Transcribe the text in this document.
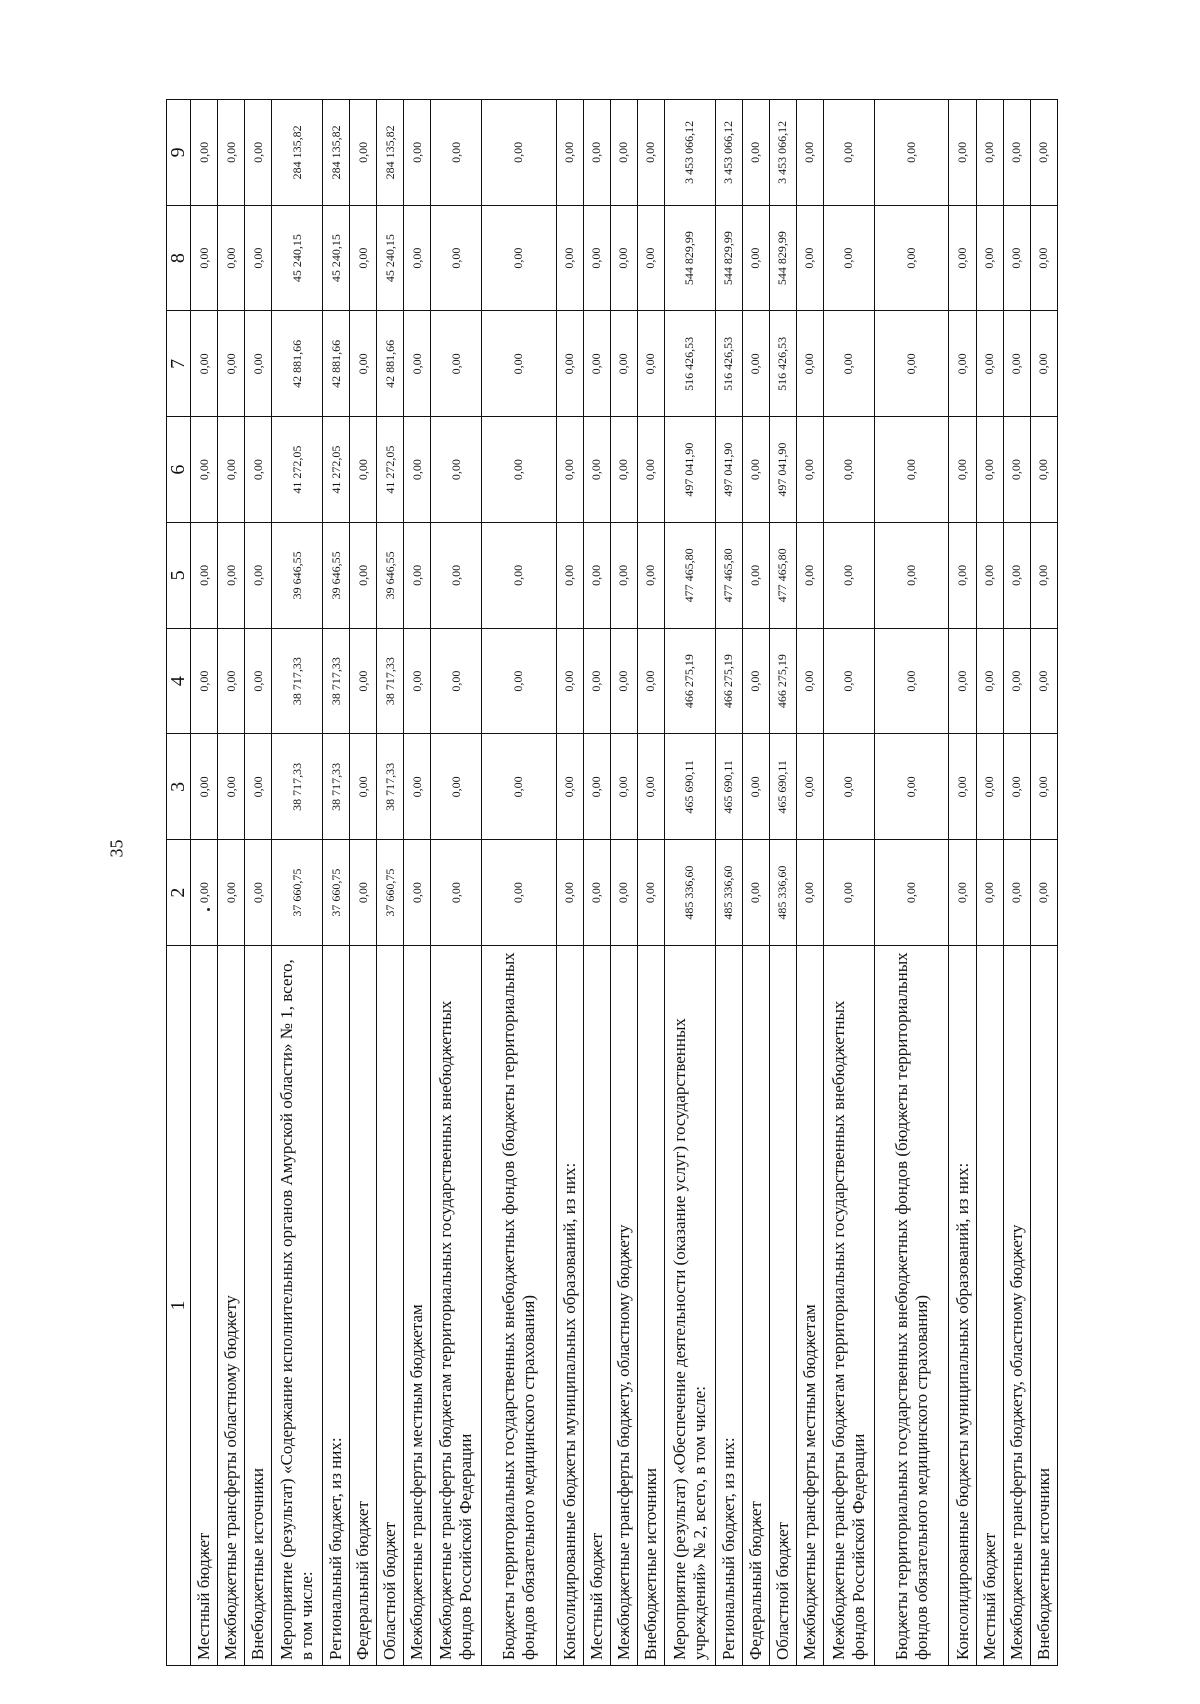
35
1	2	3	4	5	6	7	8	9
Местный бюджет	0,00	0,00	0,00	0,00	0,00	0,00	0,00	0,00
Межбюджетные трансферты областному бюджету	0,00	0,00	0,00	0,00	0,00	0,00	0,00	0,00
Внебюджетные источники	0,00	0,00	0,00	0,00	0,00	0,00	0,00	0,00
Мероприятие (результат) «Содержание исполнительных органов Амурской области» № 1, всего, в том числе:	37 660,75	38 717,33	38 717,33	39 646,55	41 272,05	42 881,66	45 240,15	284 135,82
Региональный бюджет, из них:	37 660,75	38 717,33	38 717,33	39 646,55	41 272,05	42 881,66	45 240,15	284 135,82
Федеральный бюджет	0,00	0,00	0,00	0,00	0,00	0,00	0,00	0,00
Областной бюджет	37 660,75	38 717,33	38 717,33	39 646,55	41 272,05	42 881,66	45 240,15	284 135,82
Межбюджетные трансферты местным бюджетам	0,00	0,00	0,00	0,00	0,00	0,00	0,00	0,00
Межбюджетные трансферты бюджетам территориальных государственных внебюджетных фондов Российской Федерации	0,00	0,00	0,00	0,00	0,00	0,00	0,00	0,00
Бюджеты территориальных государственных внебюджетных фондов (бюджеты территориальных фондов обязательного медицинского страхования)	0,00	0,00	0,00	0,00	0,00	0,00	0,00	0,00
Консолидированные бюджеты муниципальных образований, из них:	0,00	0,00	0,00	0,00	0,00	0,00	0,00	0,00
Местный бюджет	0,00	0,00	0,00	0,00	0,00	0,00	0,00	0,00
Межбюджетные трансферты бюджету, областному бюджету	0,00	0,00	0,00	0,00	0,00	0,00	0,00	0,00
Внебюджетные источники	0,00	0,00	0,00	0,00	0,00	0,00	0,00	0,00
Мероприятие (результат) «Обеспечение деятельности (оказание услуг) государственных учреждений» № 2, всего, в том числе:	485 336,60	465 690,11	466 275,19	477 465,80	497 041,90	516 426,53	544 829,99	3 453 066,12
Региональный бюджет, из них:	485 336,60	465 690,11	466 275,19	477 465,80	497 041,90	516 426,53	544 829,99	3 453 066,12
Федеральный бюджет	0,00	0,00	0,00	0,00	0,00	0,00	0,00	0,00
Областной бюджет	485 336,60	465 690,11	466 275,19	477 465,80	497 041,90	516 426,53	544 829,99	3 453 066,12
Межбюджетные трансферты местным бюджетам	0,00	0,00	0,00	0,00	0,00	0,00	0,00	0,00
Межбюджетные трансферты бюджетам территориальных государственных внебюджетных фондов Российской Федерации	0,00	0,00	0,00	0,00	0,00	0,00	0,00	0,00
Бюджеты территориальных государственных внебюджетных фондов (бюджеты территориальных фондов обязательного медицинского страхования)	0,00	0,00	0,00	0,00	0,00	0,00	0,00	0,00
Консолидированные бюджеты муниципальных образований, из них:	0,00	0,00	0,00	0,00	0,00	0,00	0,00	0,00
Местный бюджет	0,00	0,00	0,00	0,00	0,00	0,00	0,00	0,00
Межбюджетные трансферты бюджету, областному бюджету	0,00	0,00	0,00	0,00	0,00	0,00	0,00	0,00
Внебюджетные источники	0,00	0,00	0,00	0,00	0,00	0,00	0,00	0,00
